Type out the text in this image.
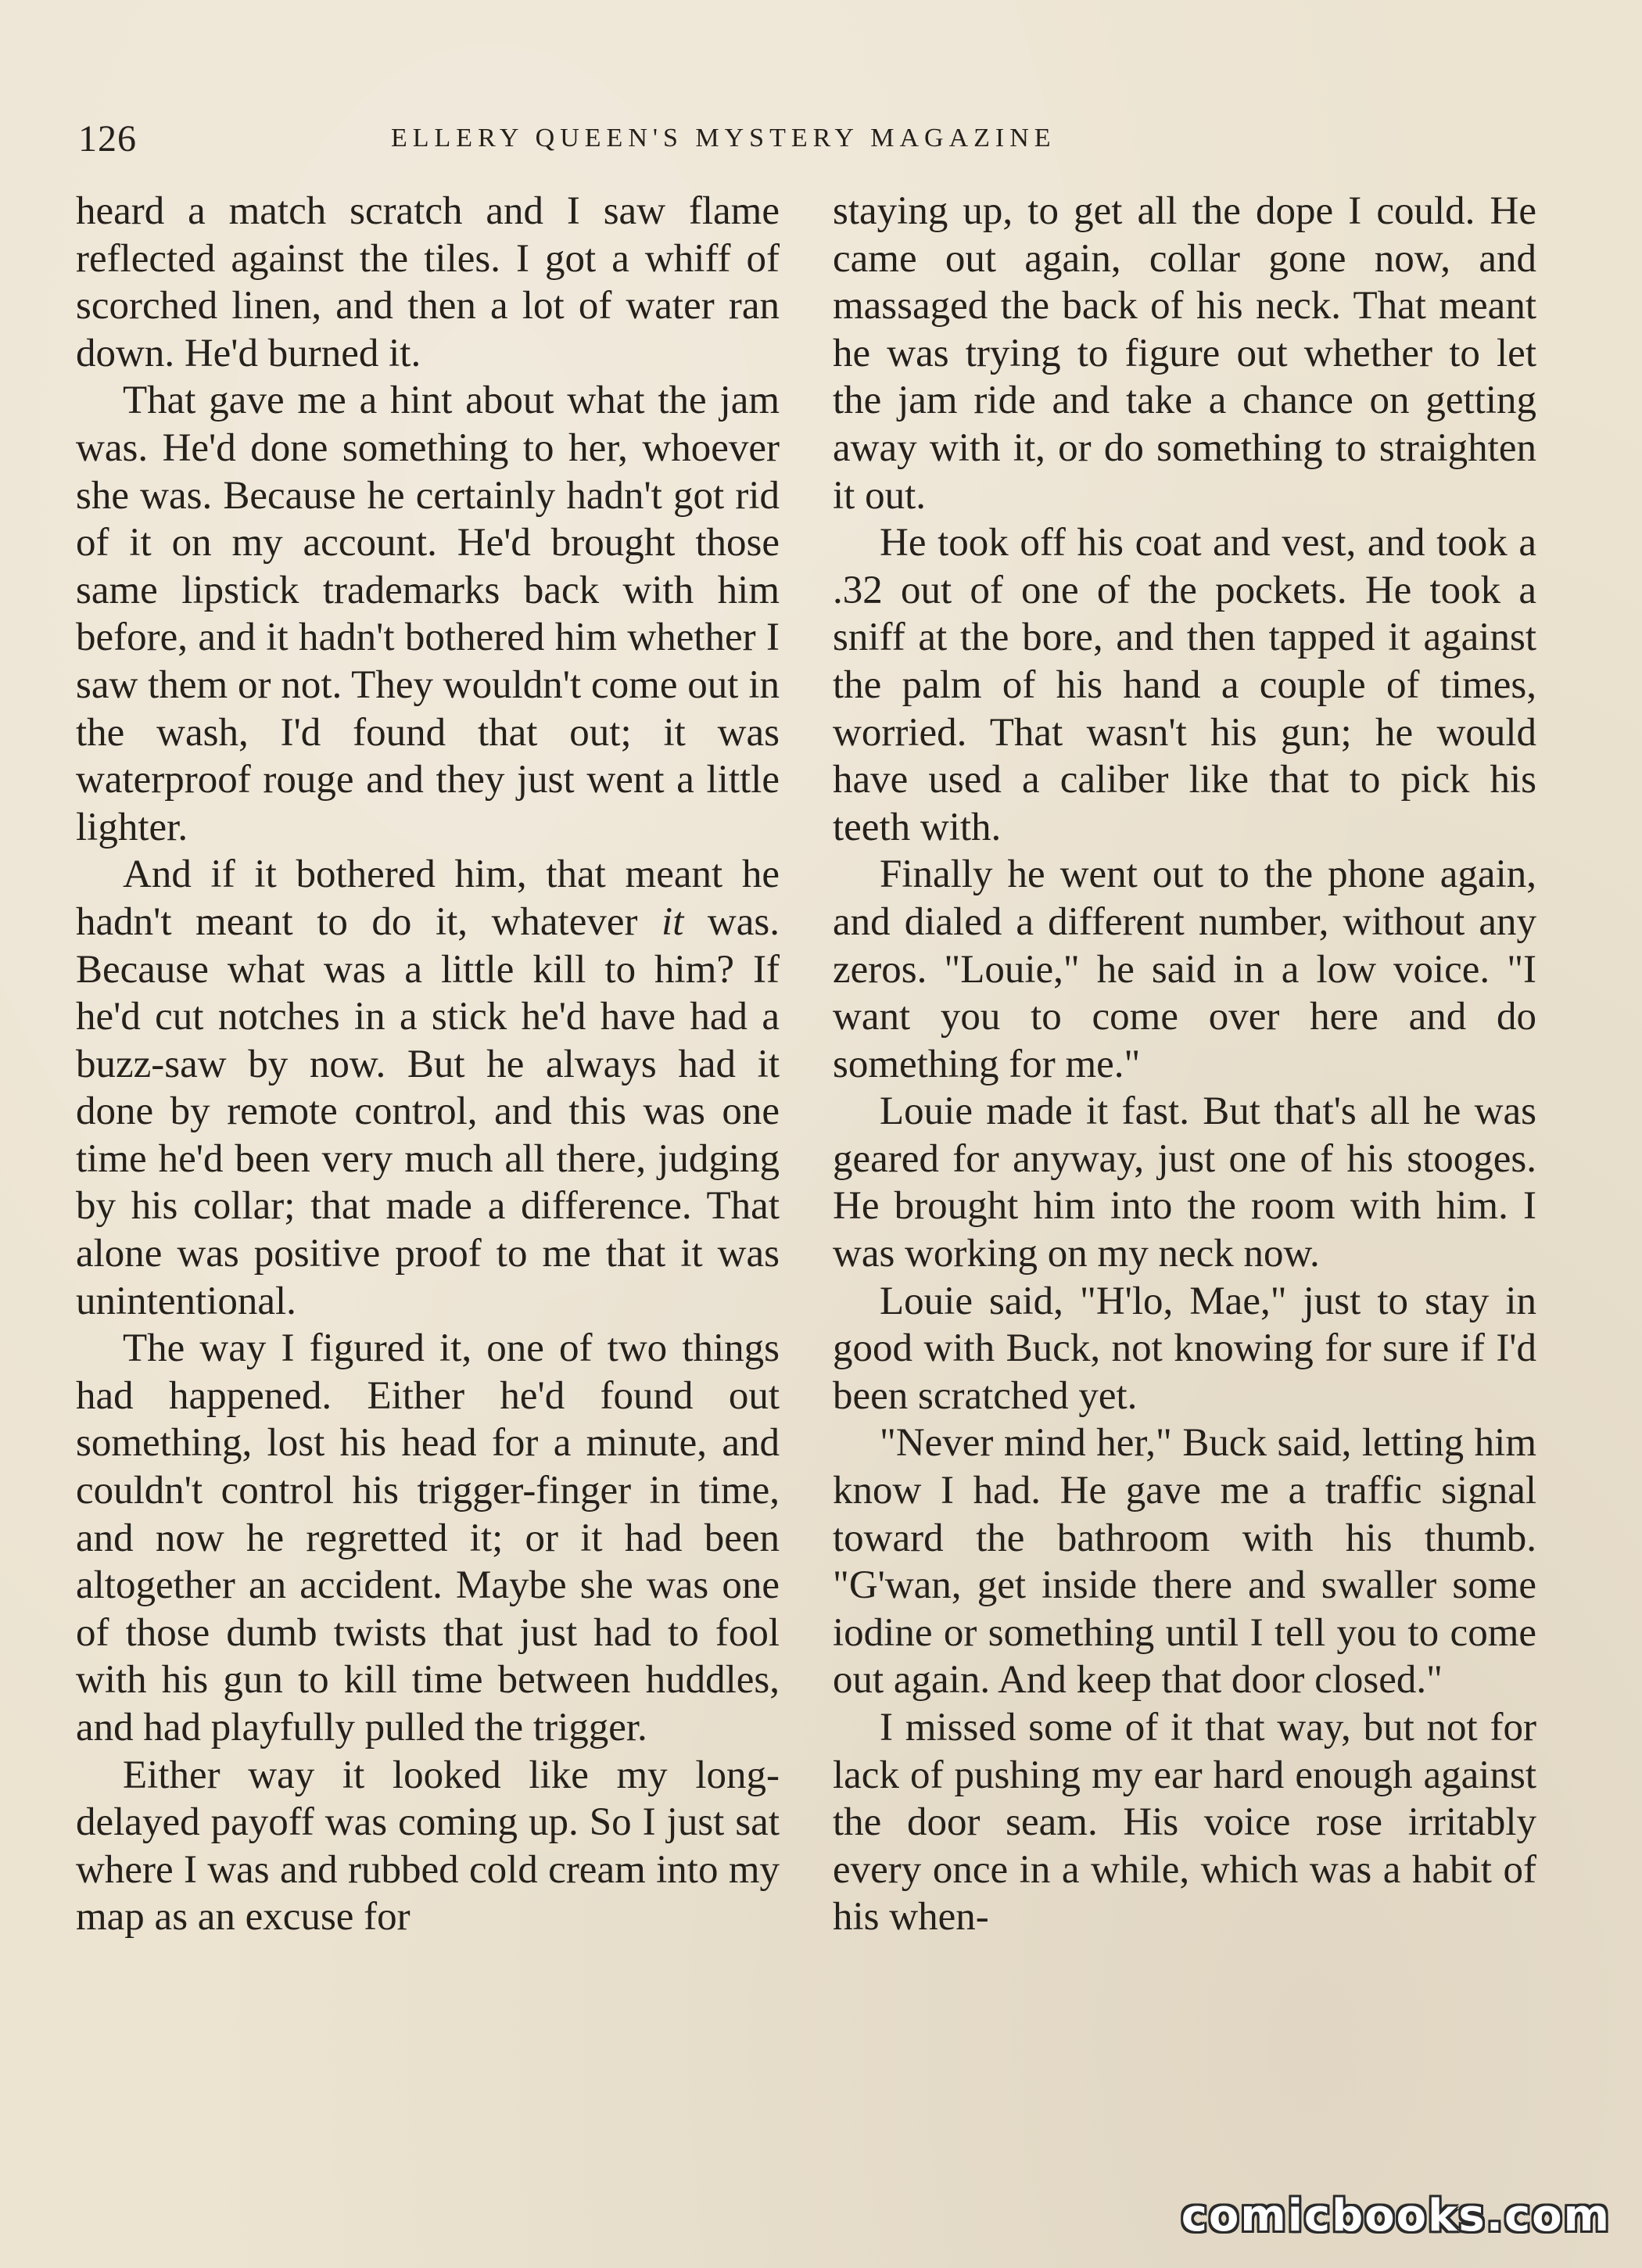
126	ELLERY QUEEN'S MYSTERY MAGAZINE

heard a match scratch and I saw flame reflected against the tiles. I got a whiff of scorched linen, and then a lot of water ran down. He'd burned it.

That gave me a hint about what the jam was. He'd done something to her, whoever she was. Because he certainly hadn't got rid of it on my account. He'd brought those same lipstick trademarks back with him before, and it hadn't bothered him whether I saw them or not. They wouldn't come out in the wash, I'd found that out; it was waterproof rouge and they just went a little lighter.

And if it bothered him, that meant he hadn't meant to do it, whatever it was. Because what was a little kill to him? If he'd cut notches in a stick he'd have had a buzz-saw by now. But he always had it done by remote control, and this was one time he'd been very much all there, judging by his collar; that made a difference. That alone was positive proof to me that it was unintentional.

The way I figured it, one of two things had happened. Either he'd found out something, lost his head for a minute, and couldn't control his trigger-finger in time, and now he regretted it; or it had been altogether an accident. Maybe she was one of those dumb twists that just had to fool with his gun to kill time between huddles, and had playfully pulled the trigger.

Either way it looked like my long-delayed payoff was coming up. So I just sat where I was and rubbed cold cream into my map as an excuse for

staying up, to get all the dope I could. He came out again, collar gone now, and massaged the back of his neck. That meant he was trying to figure out whether to let the jam ride and take a chance on getting away with it, or do something to straighten it out.

He took off his coat and vest, and took a .32 out of one of the pockets. He took a sniff at the bore, and then tapped it against the palm of his hand a couple of times, worried. That wasn't his gun; he would have used a caliber like that to pick his teeth with.

Finally he went out to the phone again, and dialed a different number, without any zeros. "Louie," he said in a low voice. "I want you to come over here and do something for me."

Louie made it fast. But that's all he was geared for anyway, just one of his stooges. He brought him into the room with him. I was working on my neck now.

Louie said, "H'lo, Mae," just to stay in good with Buck, not knowing for sure if I'd been scratched yet.

"Never mind her," Buck said, letting him know I had. He gave me a traffic signal toward the bathroom with his thumb. "G'wan, get inside there and swaller some iodine or something until I tell you to come out again. And keep that door closed."

I missed some of it that way, but not for lack of pushing my ear hard enough against the door seam. His voice rose irritably every once in a while, which was a habit of his when-

comicbooks.com
